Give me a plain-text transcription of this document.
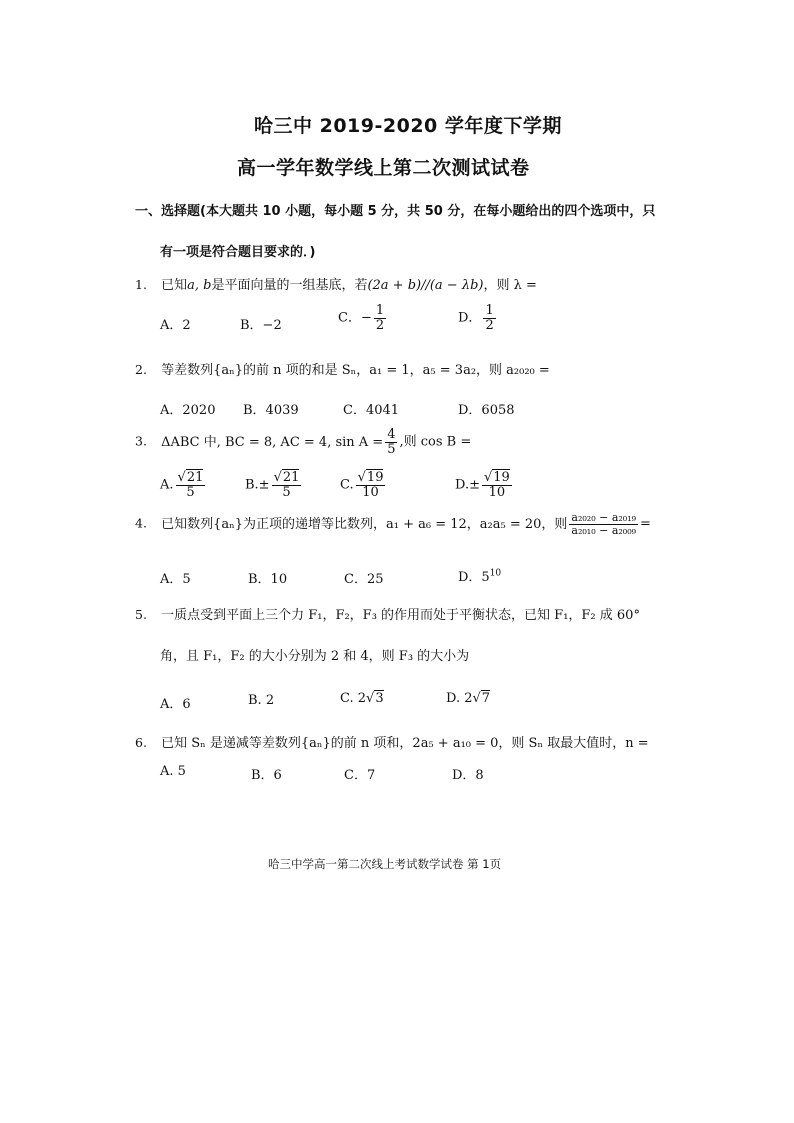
哈三中 2019-2020 学年度下学期
高一学年数学线上第二次测试试卷
一、选择题(本大题共 10 小题，每小题 5 分，共 50 分，在每小题给出的四个选项中，只
有一项是符合题目要求的．)
1. 已知a, b是平面向量的一组基底，若(2a + b)//(a − λb)，则 λ =
A．2	B．−2	C．− $\frac{1}{2}$	D． $\frac{1}{2}$
2. 等差数列{aₙ}的前 n 项的和是 Sₙ，a₁ = 1，a₅ = 3a₂，则 a₂₀₂₀ =
A．2020 B．4039	C．4041	D．6058
3. ΔABC 中, BC = 8, AC = 4, $\sin A = \frac{4}{5}$ ,则 cos B =
A. $\frac{√21}{5}$	$B.\pm \frac{√21}{5}$	C. $\frac{√19}{10}$	$D.\pm \frac{√19}{10}$
4. 已知数列{aₙ}为正项的递增等比数列，a₁ + a₆ = 12，a₂a₅ = 20，则 $\frac{\text{a₂₀₂₀ − a₂₀₁₉}}{\text{a₂₀₁₀ − a₂₀₀₉}}$ =
A．5	B．10	C．25	D．$5^{10}$
5. 一质点受到平面上三个力 F₁，F₂，F₃ 的作用而处于平衡状态，已知 F₁，F₂ 成 60°
角，且 F₁，F₂ 的大小分别为 2 和 4，则 F₃ 的大小为
A．6	B. 2	C. 2√3	D. 2√7
6. 已知 Sₙ 是递减等差数列{aₙ}的前 n 项和，2a₅ + a₁₀ = 0，则 Sₙ 取最大值时，n =
A. 5	B．6	C．7	D．8
哈三中学高一第二次线上考试数学试卷 第 1页
